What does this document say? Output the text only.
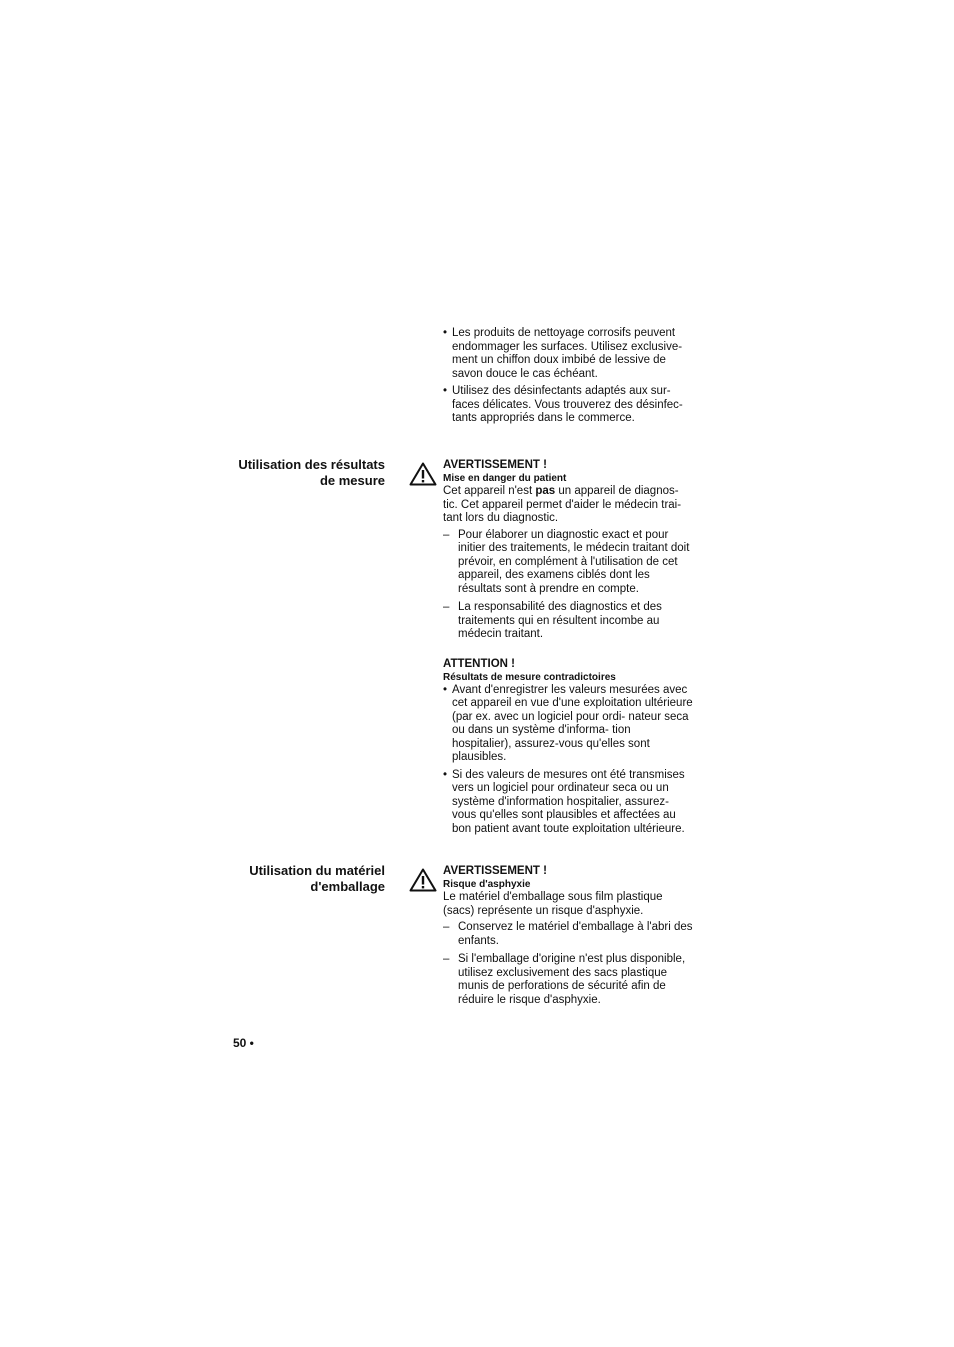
• Les produits de nettoyage corrosifs peuvent endommager les surfaces. Utilisez exclusive- ment un chiffon doux imbibé de lessive de savon douce le cas échéant.
• Utilisez des désinfectants adaptés aux sur- faces délicates. Vous trouverez des désinfec- tants appropriés dans le commerce.
Utilisation des résultats
de mesure
AVERTISSEMENT !
Mise en danger du patient

Cet appareil n'est pas un appareil de diagnos- tic. Cet appareil permet d'aider le médecin trai- tant lors du diagnostic.

– Pour élaborer un diagnostic exact et pour initier des traitements, le médecin traitant doit prévoir, en complément à l'utilisation de cet appareil, des examens ciblés dont les résultats sont à prendre en compte.
– La responsabilité des diagnostics et des traitements qui en résultent incombe au médecin traitant.
ATTENTION !
Résultats de mesure contradictoires
• Avant d'enregistrer les valeurs mesurées avec cet appareil en vue d'une exploitation ultérieure (par ex. avec un logiciel pour ordi- nateur seca ou dans un système d'informa- tion hospitalier), assurez-vous qu'elles sont plausibles.
• Si des valeurs de mesures ont été transmises vers un logiciel pour ordinateur seca ou un système d'information hospitalier, assurez- vous qu'elles sont plausibles et affectées au bon patient avant toute exploitation ultérieure.
Utilisation du matériel
d'emballage
AVERTISSEMENT !
Risque d'asphyxie

Le matériel d'emballage sous film plastique (sacs) représente un risque d'asphyxie.

– Conservez le matériel d'emballage à l'abri des enfants.
– Si l'emballage d'origine n'est plus disponible, utilisez exclusivement des sacs plastique munis de perforations de sécurité afin de réduire le risque d'asphyxie.
50 •
